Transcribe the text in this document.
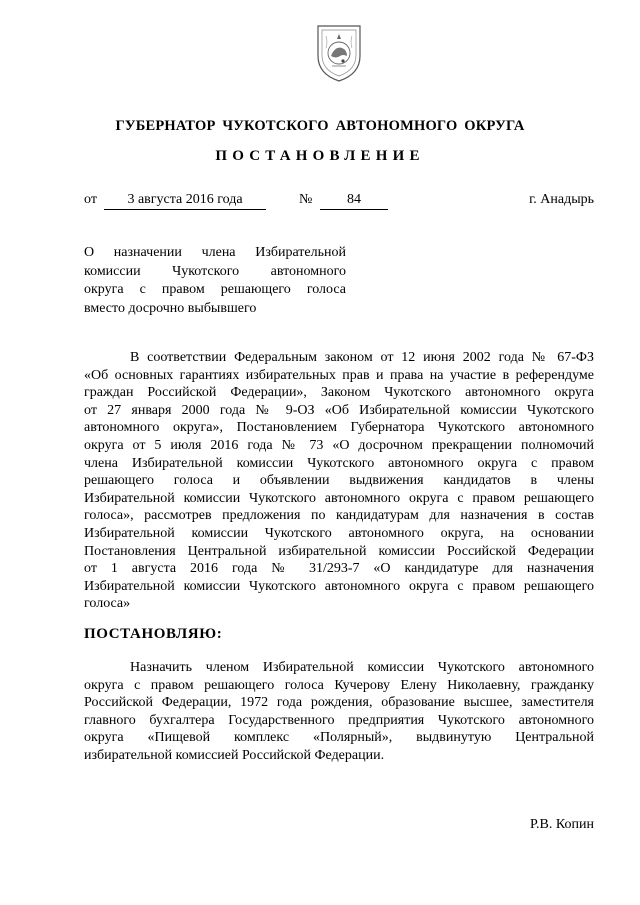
ГУБЕРНАТОР ЧУКОТСКОГО АВТОНОМНОГО ОКРУГА
ПОСТАНОВЛЕНИЕ
от	3 августа 2016 года	№	84	г. Анадырь
О назначении члена Избирательной
комиссии Чукотского автономного
округа с правом решающего голоса
вместо досрочно выбывшего
В соответствии Федеральным законом от 12 июня 2002 года № 67-ФЗ
«Об основных гарантиях избирательных прав и права на участие в референдуме
граждан Российской Федерации», Законом Чукотского автономного округа
от 27 января 2000 года № 9-ОЗ «Об Избирательной комиссии Чукотского
автономного округа», Постановлением Губернатора Чукотского автономного
округа от 5 июля 2016 года № 73 «О досрочном прекращении полномочий
члена Избирательной комиссии Чукотского автономного округа с правом
решающего голоса и объявлении выдвижения кандидатов в члены
Избирательной комиссии Чукотского автономного округа с правом решающего
голоса», рассмотрев предложения по кандидатурам для назначения в состав
Избирательной комиссии Чукотского автономного округа, на основании
Постановления Центральной избирательной комиссии Российской Федерации
от 1 августа 2016 года № 31/293-7 «О кандидатуре для назначения
Избирательной комиссии Чукотского автономного округа с правом решающего
голоса»
ПОСТАНОВЛЯЮ:
Назначить членом Избирательной комиссии Чукотского автономного
округа с правом решающего голоса Кучерову Елену Николаевну, гражданку
Российской Федерации, 1972 года рождения, образование высшее, заместителя
главного бухгалтера Государственного предприятия Чукотского автономного
округа «Пищевой комплекс «Полярный», выдвинутую Центральной
избирательной комиссией Российской Федерации.
Р.В. Копин
